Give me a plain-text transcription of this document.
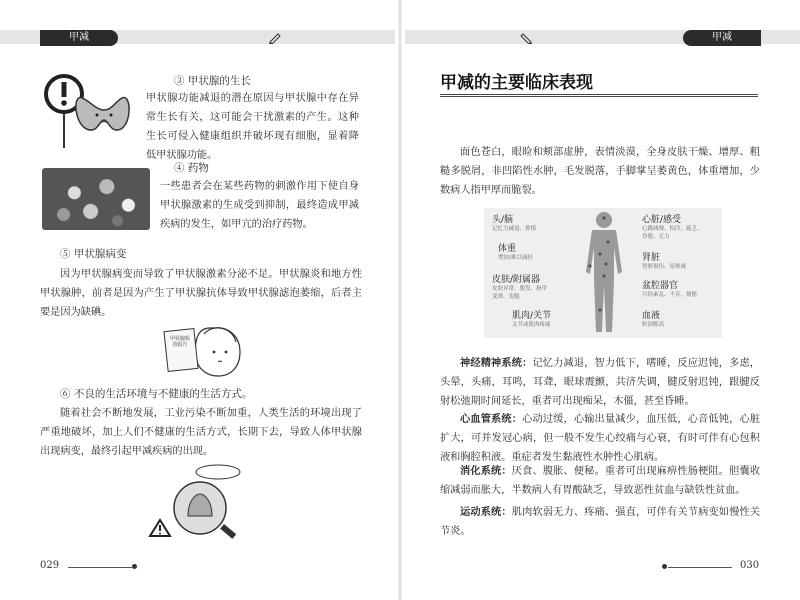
甲减	甲减
③ 甲状腺的生长
甲状腺功能减退的潜在原因与甲状腺中存在异常生长有关，这可能会干扰激素的产生。这种生长可侵入健康组织并破坏现有细胞，显着降低甲状腺功能。
④ 药物
一些患者会在某些药物的刺激作用下使自身甲状腺激素的生成受到抑制，最终造成甲减疾病的发生，如甲亢的治疗药物。
⑤ 甲状腺病变
因为甲状腺病变而导致了甲状腺激素分泌不足。甲状腺炎和地方性甲状腺肿，前者是因为产生了甲状腺抗体导致甲状腺滤泡萎缩，后者主要是因为缺碘。
甲状腺检查报告
⑥ 不良的生活环境与不健康的生活方式。
随着社会不断地发展，工业污染不断加重，人类生活的环境出现了严重地破坏，加上人们不健康的生活方式，长期下去，导致人体甲状腺出现病变，最终引起甲减疾病的出现。
029
甲减的主要临床表现
面色苍白，眼睑和颊部虚肿，表情淡漠，全身皮肤干燥、增厚、粗糙多脱屑，非凹陷性水肿，毛发脱落，手脚掌呈萎黄色，体重增加，少数病人指甲厚而脆裂。
头/脑
记忆力减退、抑郁
体重
增加/难以减轻
皮肤/附属器
皮肤异常、脱发、指甲变薄、变脆
肌肉/关节
关节或肌肉疼痛
心脏/感受
心跳减慢、怕冷、疲乏、昏倦、无力
肾脏
肾脏损伤、尿排减
盆腔器官
月经紊乱、不育、便秘
血液
胆固醇高
神经精神系统：记忆力减退，智力低下，嗜睡，反应迟钝，多虑，头晕，头痛，耳鸣，耳聋，眼球震颤，共济失调，腱反射迟钝，跟腱反射松弛期时间延长，重者可出现痴呆，木僵，甚至昏睡。
心血管系统：心动过缓，心输出量减少，血压低，心音低钝，心脏扩大，可并发冠心病，但一般不发生心绞痛与心衰，有时可伴有心包积液和胸腔积液。重症者发生黏液性水肿性心肌病。
消化系统：厌食、腹胀、便秘。重者可出现麻痹性肠梗阻。胆囊收缩减弱而胀大，半数病人有胃酸缺乏，导致恶性贫血与缺铁性贫血。
运动系统：肌肉软弱无力、疼痛、强直，可伴有关节病变如慢性关节炎。
030
